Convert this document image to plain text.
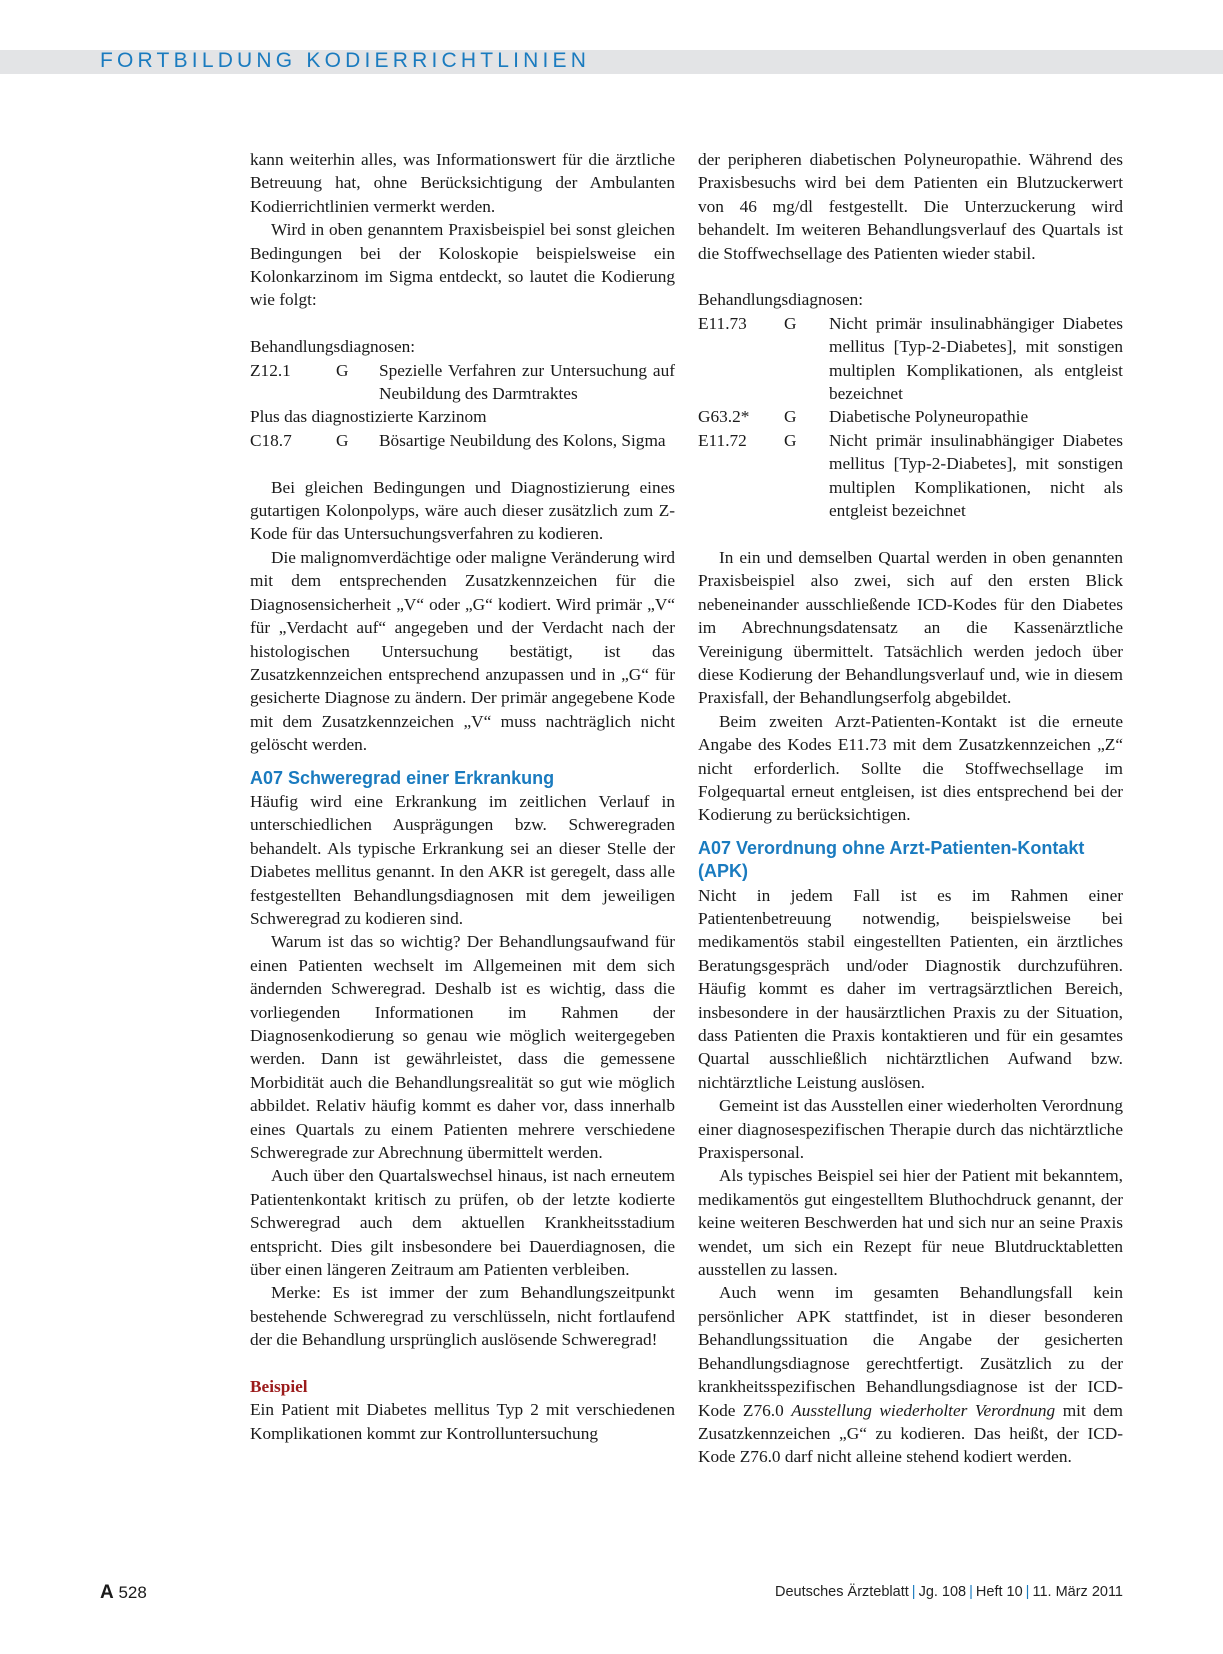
FORTBILDUNG KODIERRICHTLINIEN

kann weiterhin alles, was Informationswert für die ärztliche Betreuung hat, ohne Berücksichtigung der Ambulanten Kodierrichtlinien vermerkt werden.

Wird in oben genanntem Praxisbeispiel bei sonst gleichen Bedingungen bei der Koloskopie beispielsweise ein Kolonkarzinom im Sigma entdeckt, so lautet die Kodierung wie folgt:

Behandlungsdiagnosen:

Z12.1	G	Spezielle Verfahren zur Untersuchung auf Neubildung des Darmtraktes

Plus das diagnostizierte Karzinom

C18.7	G	Bösartige Neubildung des Kolons, Sigma

Bei gleichen Bedingungen und Diagnostizierung eines gutartigen Kolonpolyps, wäre auch dieser zusätzlich zum Z-Kode für das Untersuchungsverfahren zu kodieren.

Die malignomverdächtige oder maligne Veränderung wird mit dem entsprechenden Zusatzkennzeichen für die Diagnosensicherheit „V“ oder „G“ kodiert. Wird primär „V“ für „Verdacht auf“ angegeben und der Verdacht nach der histologischen Untersuchung bestätigt, ist das Zusatzkennzeichen entsprechend anzupassen und in „G“ für gesicherte Diagnose zu ändern. Der primär angegebene Kode mit dem Zusatzkennzeichen „V“ muss nachträglich nicht gelöscht werden.

A07 Schweregrad einer Erkrankung

Häufig wird eine Erkrankung im zeitlichen Verlauf in unterschiedlichen Ausprägungen bzw. Schweregraden behandelt. Als typische Erkrankung sei an dieser Stelle der Diabetes mellitus genannt. In den AKR ist geregelt, dass alle festgestellten Behandlungsdiagnosen mit dem jeweiligen Schweregrad zu kodieren sind.

Warum ist das so wichtig? Der Behandlungsaufwand für einen Patienten wechselt im Allgemeinen mit dem sich ändernden Schweregrad. Deshalb ist es wichtig, dass die vorliegenden Informationen im Rahmen der Diagnosenkodierung so genau wie möglich weitergegeben werden. Dann ist gewährleistet, dass die gemessene Morbidität auch die Behandlungsrealität so gut wie möglich abbildet. Relativ häufig kommt es daher vor, dass innerhalb eines Quartals zu einem Patienten mehrere verschiedene Schweregrade zur Abrechnung übermittelt werden.

Auch über den Quartalswechsel hinaus, ist nach erneutem Patientenkontakt kritisch zu prüfen, ob der letzte kodierte Schweregrad auch dem aktuellen Krankheitsstadium entspricht. Dies gilt insbesondere bei Dauerdiagnosen, die über einen längeren Zeitraum am Patienten verbleiben.

Merke: Es ist immer der zum Behandlungszeitpunkt bestehende Schweregrad zu verschlüsseln, nicht fortlaufend der die Behandlung ursprünglich auslösende Schweregrad!

Beispiel

Ein Patient mit Diabetes mellitus Typ 2 mit verschiedenen Komplikationen kommt zur Kontrolluntersuchung

der peripheren diabetischen Polyneuropathie. Während des Praxisbesuchs wird bei dem Patienten ein Blutzuckerwert von 46 mg/dl festgestellt. Die Unterzuckerung wird behandelt. Im weiteren Behandlungsverlauf des Quartals ist die Stoffwechsellage des Patienten wieder stabil.

Behandlungsdiagnosen:

E11.73	G	Nicht primär insulinabhängiger Diabetes mellitus [Typ-2-Diabetes], mit sonstigen multiplen Komplikationen, als entgleist bezeichnet
G63.2*	G	Diabetische Polyneuropathie
E11.72	G	Nicht primär insulinabhängiger Diabetes mellitus [Typ-2-Diabetes], mit sonstigen multiplen Komplikationen, nicht als entgleist bezeichnet

In ein und demselben Quartal werden in oben genannten Praxisbeispiel also zwei, sich auf den ersten Blick nebeneinander ausschließende ICD-Kodes für den Diabetes im Abrechnungsdatensatz an die Kassenärztliche Vereinigung übermittelt. Tatsächlich werden jedoch über diese Kodierung der Behandlungsverlauf und, wie in diesem Praxisfall, der Behandlungserfolg abgebildet.

Beim zweiten Arzt-Patienten-Kontakt ist die erneute Angabe des Kodes E11.73 mit dem Zusatzkennzeichen „Z“ nicht erforderlich. Sollte die Stoffwechsellage im Folgequartal erneut entgleisen, ist dies entsprechend bei der Kodierung zu berücksichtigen.

A07 Verordnung ohne Arzt-Patienten-Kontakt (APK)

Nicht in jedem Fall ist es im Rahmen einer Patientenbetreuung notwendig, beispielsweise bei medikamentös stabil eingestellten Patienten, ein ärztliches Beratungsgespräch und/oder Diagnostik durchzuführen. Häufig kommt es daher im vertragsärztlichen Bereich, insbesondere in der hausärztlichen Praxis zu der Situation, dass Patienten die Praxis kontaktieren und für ein gesamtes Quartal ausschließlich nichtärztlichen Aufwand bzw. nichtärztliche Leistung auslösen.

Gemeint ist das Ausstellen einer wiederholten Verordnung einer diagnosespezifischen Therapie durch das nichtärztliche Praxispersonal.

Als typisches Beispiel sei hier der Patient mit bekanntem, medikamentös gut eingestelltem Bluthochdruck genannt, der keine weiteren Beschwerden hat und sich nur an seine Praxis wendet, um sich ein Rezept für neue Blutdrucktabletten ausstellen zu lassen.

Auch wenn im gesamten Behandlungsfall kein persönlicher APK stattfindet, ist in dieser besonderen Behandlungssituation die Angabe der gesicherten Behandlungsdiagnose gerechtfertigt. Zusätzlich zu der krankheitsspezifischen Behandlungsdiagnose ist der ICD-Kode Z76.0 Ausstellung wiederholter Verordnung mit dem Zusatzkennzeichen „G“ zu kodieren. Das heißt, der ICD-Kode Z76.0 darf nicht alleine stehend kodiert werden.

A 528	Deutsches Ärzteblatt | Jg. 108 | Heft 10 | 11. März 2011
